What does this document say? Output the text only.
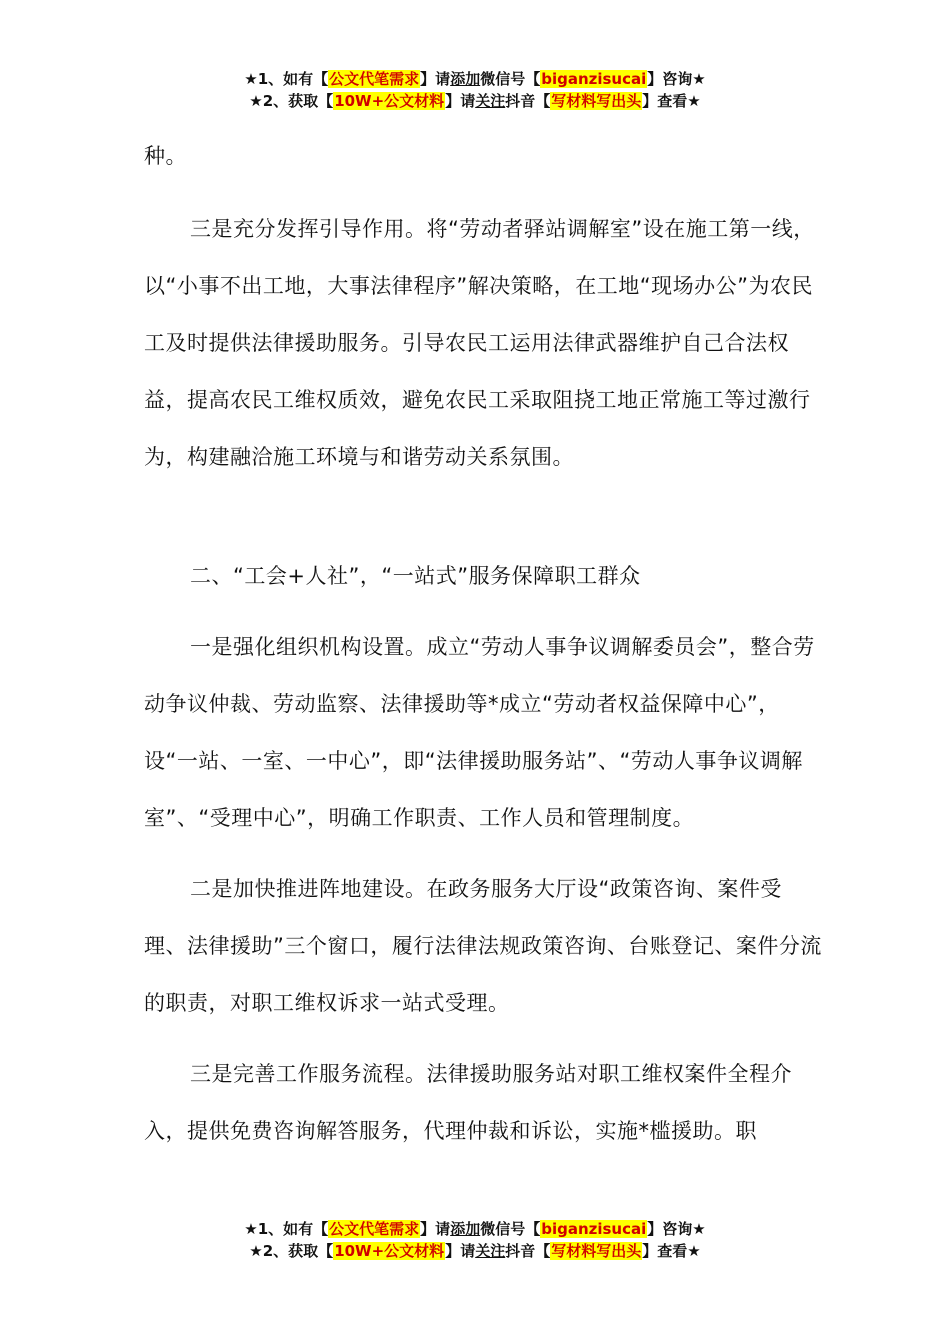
★1、如有【公文代笔需求】请添加微信号【biganzisucai】咨询★
★2、获取【10W+公文材料】请关注抖音【写材料写出头】查看★

种。

三是充分发挥引导作用。将“劳动者驿站调解室”设在施工第一线，以“小事不出工地，大事法律程序”解决策略，在工地“现场办公”为农民工及时提供法律援助服务。引导农民工运用法律武器维护自己合法权益，提高农民工维权质效，避免农民工采取阻挠工地正常施工等过激行为，构建融洽施工环境与和谐劳动关系氛围。

二、“工会+人社”，“一站式”服务保障职工群众

一是强化组织机构设置。成立“劳动人事争议调解委员会”，整合劳动争议仲裁、劳动监察、法律援助等*成立“劳动者权益保障中心”，设“一站、一室、一中心”，即“法律援助服务站”、“劳动人事争议调解室”、“受理中心”，明确工作职责、工作人员和管理制度。

二是加快推进阵地建设。在政务服务大厅设“政策咨询、案件受理、法律援助”三个窗口，履行法律法规政策咨询、台账登记、案件分流的职责，对职工维权诉求一站式受理。

三是完善工作服务流程。法律援助服务站对职工维权案件全程介入，提供免费咨询解答服务，代理仲裁和诉讼，实施*槛援助。职

★1、如有【公文代笔需求】请添加微信号【biganzisucai】咨询★
★2、获取【10W+公文材料】请关注抖音【写材料写出头】查看★
